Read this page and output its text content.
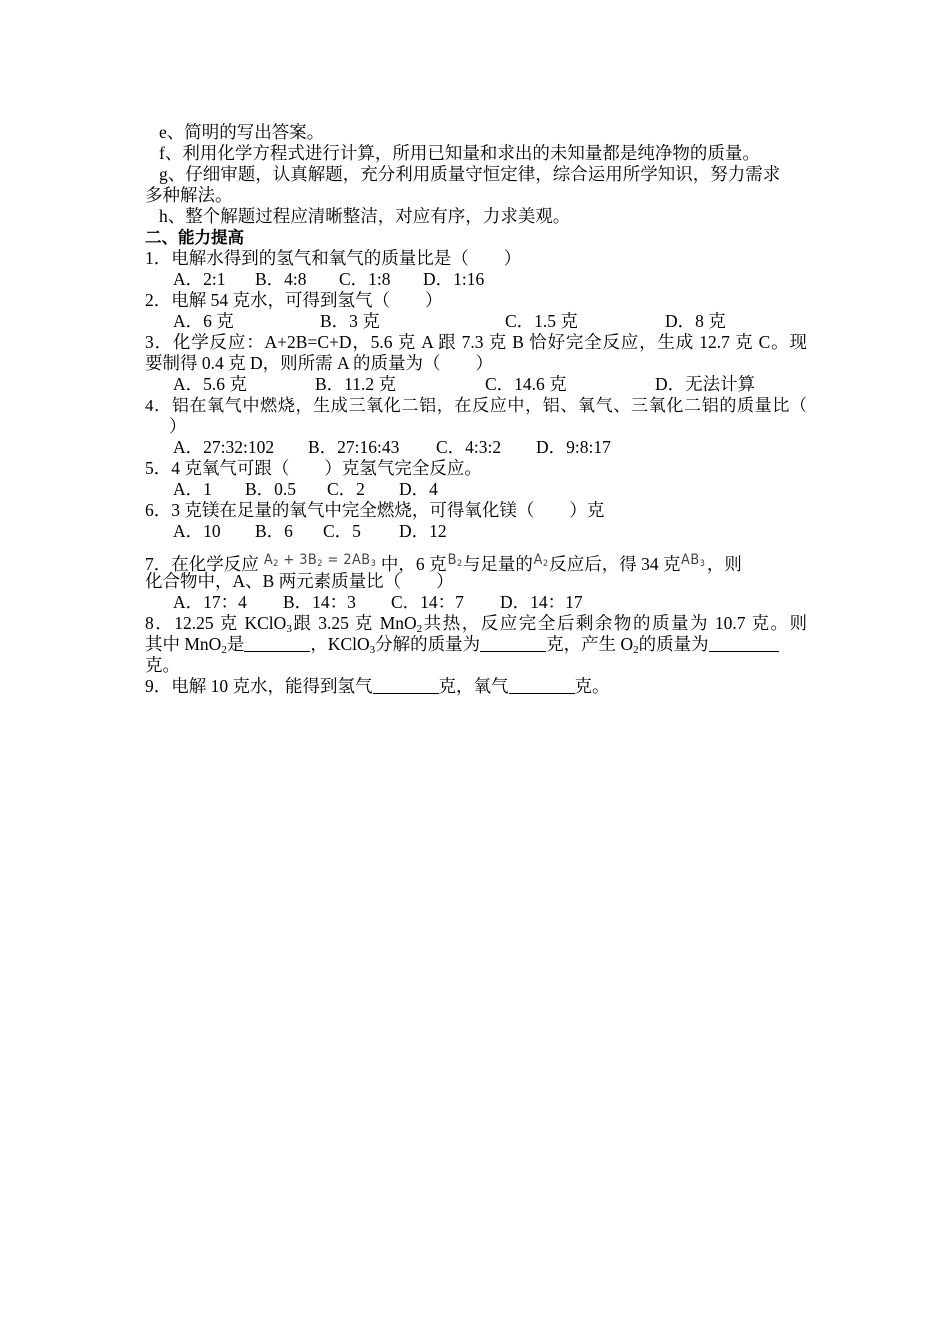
e、简明的写出答案。
f、利用化学方程式进行计算，所用已知量和求出的未知量都是纯净物的质量。
g、仔细审题，认真解题，充分利用质量守恒定律，综合运用所学知识，努力需求
多种解法。
h、整个解题过程应清晰整洁，对应有序，力求美观。
二、能力提高
1．电解水得到的氢气和氧气的质量比是（　　）
A．2:1 B．4:8 C．1:8 D．1:16
2．电解 54 克水，可得到氢气（　　）
A．6 克	B．3 克	C．1.5 克	D．8 克
3．化学反应：A+2B=C+D，5.6 克 A 跟 7.3 克 B 恰好完全反应，生成 12.7 克 C。现
要制得 0.4 克 D，则所需 A 的质量为（　　）
A．5.6 克	B．11.2 克	C．14.6 克	D．无法计算
4．铝在氧气中燃烧，生成三氧化二铝，在反应中，铝、氧气、三氧化二铝的质量比（
）
A．27:32:102 B．27:16:43 C．4:3:2 D．9:8:17
5．4 克氧气可跟（　　）克氢气完全反应。
A．1 B．0.5 C．2 D．4
6．3 克镁在足量的氧气中完全燃烧，可得氧化镁（　　）克
A．10 B．6 C．5 D．12
7．在化学反应 $A_2 + 3B_2 = 2AB_3$ 中，6 克$B_2$与足量的$A_2$反应后，得 34 克$AB_3$，则
化合物中，A、B 两元素质量比（　　）
A．17：4 B．14：3 C．14：7 D．14：17
8．12.25 克 KClO$_3$跟 3.25 克 MnO$_2$共热，反应完全后剩余物的质量为 10.7 克。则
其中 MnO$_2$是	，KClO$_3$分解的质量为	克，产生 $O_2$的质量为
克。
9．电解 10 克水，能得到氢气	克，氧气	克。
